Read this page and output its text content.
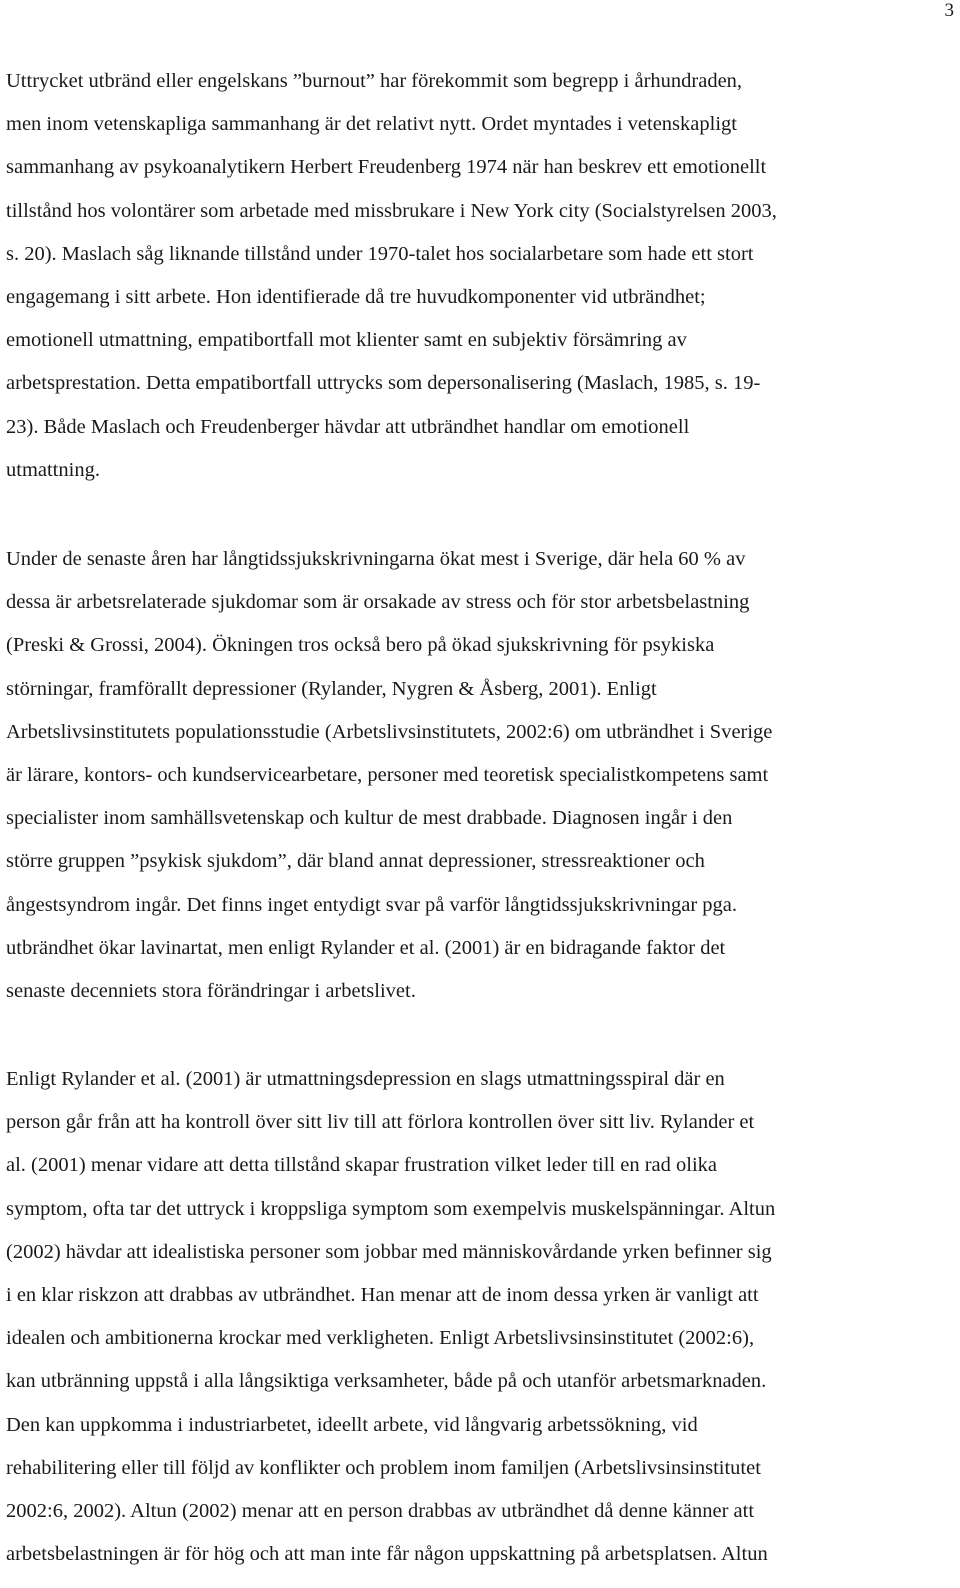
3
Uttrycket utbränd eller engelskans ”burnout” har förekommit som begrepp i århundraden,
men inom vetenskapliga sammanhang är det relativt nytt. Ordet myntades i vetenskapligt
sammanhang av psykoanalytikern Herbert Freudenberg 1974 när han beskrev ett emotionellt
tillstånd hos volontärer som arbetade med missbrukare i New York city (Socialstyrelsen 2003,
s. 20). Maslach såg liknande tillstånd under 1970-talet hos socialarbetare som hade ett stort
engagemang i sitt arbete. Hon identifierade då tre huvudkomponenter vid utbrändhet;
emotionell utmattning, empatibortfall mot klienter samt en subjektiv försämring av
arbetsprestation. Detta empatibortfall uttrycks som depersonalisering (Maslach, 1985, s. 19-
23). Både Maslach och Freudenberger hävdar att utbrändhet handlar om emotionell
utmattning.
Under de senaste åren har långtidssjukskrivningarna ökat mest i Sverige, där hela 60 % av
dessa är arbetsrelaterade sjukdomar som är orsakade av stress och för stor arbetsbelastning
(Preski & Grossi, 2004). Ökningen tros också bero på ökad sjukskrivning för psykiska
störningar, framförallt depressioner (Rylander, Nygren & Åsberg, 2001). Enligt
Arbetslivsinstitutets populationsstudie (Arbetslivsinstitutets, 2002:6) om utbrändhet i Sverige
är lärare, kontors- och kundservicearbetare, personer med teoretisk specialistkompetens samt
specialister inom samhällsvetenskap och kultur de mest drabbade. Diagnosen ingår i den
större gruppen ”psykisk sjukdom”, där bland annat depressioner, stressreaktioner och
ångestsyndrom ingår. Det finns inget entydigt svar på varför långtidssjukskrivningar pga.
utbrändhet ökar lavinartat, men enligt Rylander et al. (2001) är en bidragande faktor det
senaste decenniets stora förändringar i arbetslivet.
Enligt Rylander et al. (2001) är utmattningsdepression en slags utmattningsspiral där en
person går från att ha kontroll över sitt liv till att förlora kontrollen över sitt liv. Rylander et
al. (2001) menar vidare att detta tillstånd skapar frustration vilket leder till en rad olika
symptom, ofta tar det uttryck i kroppsliga symptom som exempelvis muskelspänningar. Altun
(2002) hävdar att idealistiska personer som jobbar med människovårdande yrken befinner sig
i en klar riskzon att drabbas av utbrändhet. Han menar att de inom dessa yrken är vanligt att
idealen och ambitionerna krockar med verkligheten. Enligt Arbetslivsinsinstitutet (2002:6),
kan utbränning uppstå i alla långsiktiga verksamheter, både på och utanför arbetsmarknaden.
Den kan uppkomma i industriarbetet, ideellt arbete, vid långvarig arbetssökning, vid
rehabilitering eller till följd av konflikter och problem inom familjen (Arbetslivsinsinstitutet
2002:6, 2002). Altun (2002) menar att en person drabbas av utbrändhet då denne känner att
arbetsbelastningen är för hög och att man inte får någon uppskattning på arbetsplatsen. Altun
